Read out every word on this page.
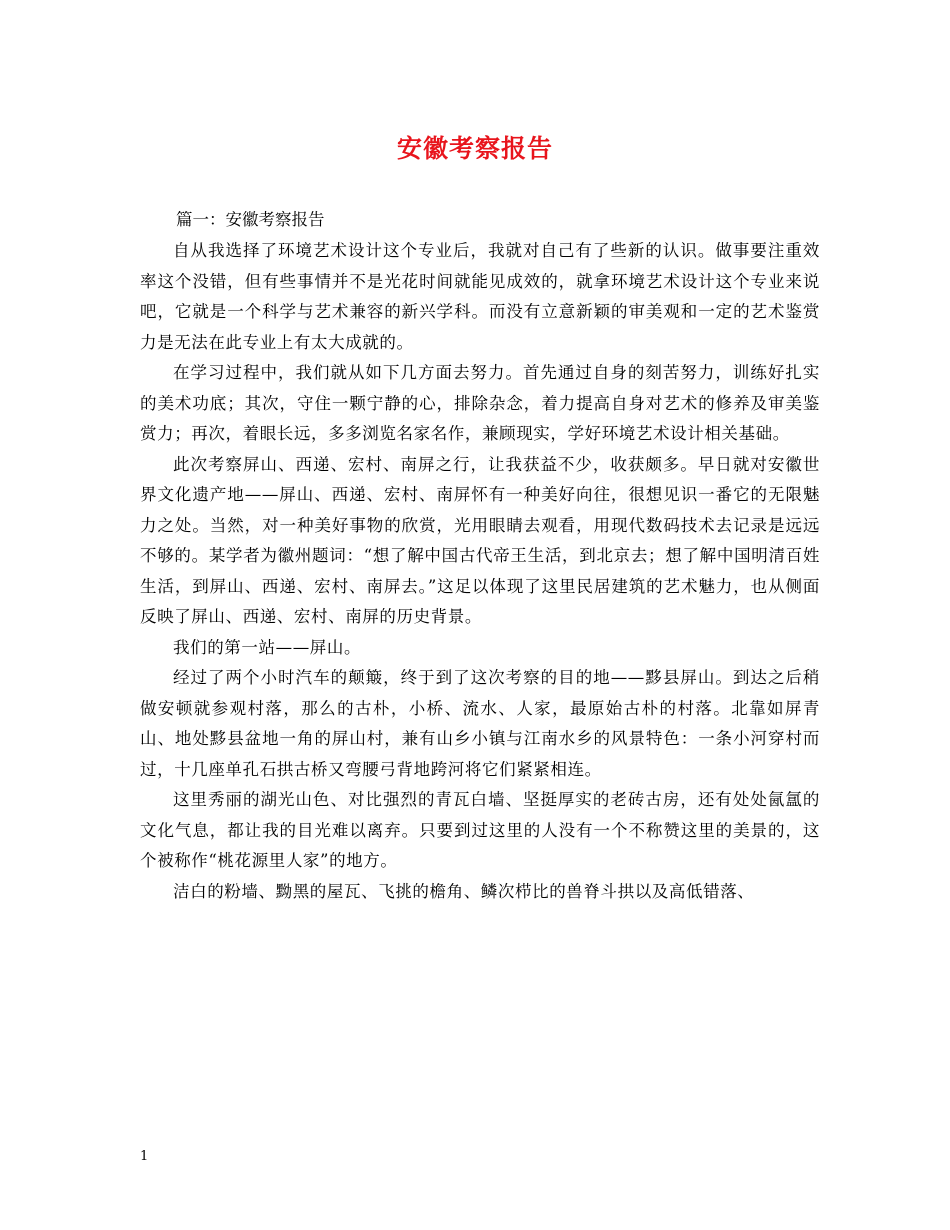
安徽考察报告

篇一：安徽考察报告

自从我选择了环境艺术设计这个专业后，我就对自己有了些新的认识。做事要注重效率这个没错，但有些事情并不是光花时间就能见成效的，就拿环境艺术设计这个专业来说吧，它就是一个科学与艺术兼容的新兴学科。而没有立意新颖的审美观和一定的艺术鉴赏力是无法在此专业上有太大成就的。

在学习过程中，我们就从如下几方面去努力。首先通过自身的刻苦努力，训练好扎实的美术功底；其次，守住一颗宁静的心，排除杂念，着力提高自身对艺术的修养及审美鉴赏力；再次，着眼长远，多多浏览名家名作，兼顾现实，学好环境艺术设计相关基础。

此次考察屏山、西递、宏村、南屏之行，让我获益不少，收获颇多。早日就对安徽世界文化遗产地——屏山、西递、宏村、南屏怀有一种美好向往，很想见识一番它的无限魅力之处。当然，对一种美好事物的欣赏，光用眼睛去观看，用现代数码技术去记录是远远不够的。某学者为徽州题词：“想了解中国古代帝王生活，到北京去；想了解中国明清百姓生活，到屏山、西递、宏村、南屏去。”这足以体现了这里民居建筑的艺术魅力，也从侧面反映了屏山、西递、宏村、南屏的历史背景。

我们的第一站——屏山。

经过了两个小时汽车的颠簸，终于到了这次考察的目的地——黟县屏山。到达之后稍做安顿就参观村落，那么的古朴，小桥、流水、人家，最原始古朴的村落。北靠如屏青山、地处黟县盆地一角的屏山村，兼有山乡小镇与江南水乡的风景特色：一条小河穿村而过，十几座单孔石拱古桥又弯腰弓背地跨河将它们紧紧相连。

这里秀丽的湖光山色、对比强烈的青瓦白墙、坚挺厚实的老砖古房，还有处处氤氲的文化气息，都让我的目光难以离弃。只要到过这里的人没有一个不称赞这里的美景的，这个被称作“桃花源里人家”的地方。

洁白的粉墙、黝黑的屋瓦、飞挑的檐角、鳞次栉比的兽脊斗拱以及高低错落、

1
